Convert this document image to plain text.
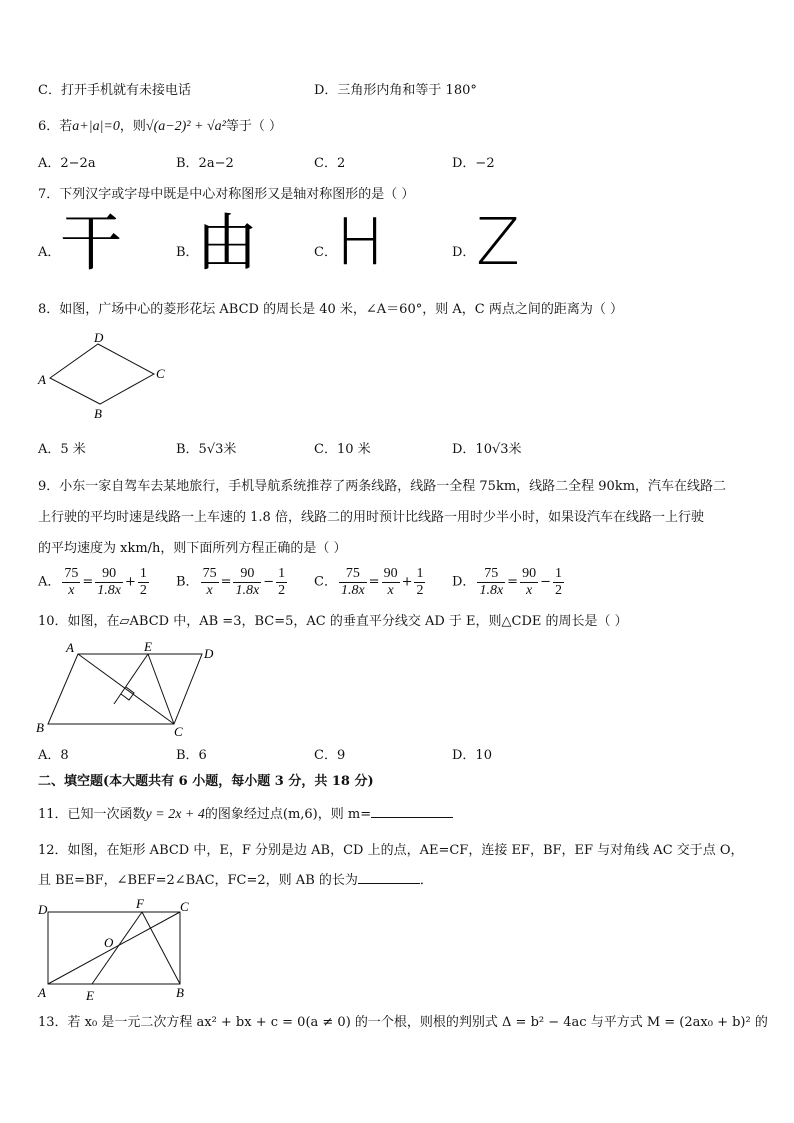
C．打开手机就有未接电话	D．三角形内角和等于 180°
6．若a+|a|=0，则√(a−2)² + √a²等于（ ）
A．2−2a	B．2a−2	C．2	D．−2
7．下列汉字或字母中既是中心对称图形又是轴对称图形的是（ ）
A． 干	B．
由	C． H	D． Z
8．如图，广场中心的菱形花坛 ABCD 的周长是 40 米，∠A＝60°，则 A，C 两点之间的距离为（ ）
D
A	C
B
A．5 米	B．5√3米	C．10 米	D．10√3米
9．小东一家自驾车去某地旅行，手机导航系统推荐了两条线路，线路一全程 75km，线路二全程 90km，汽车在线路二
上行驶的平均时速是线路一上车速的 1.8 倍，线路二的用时预计比线路一用时少半小时，如果设汽车在线路一上行驶
的平均速度为 xkm/h，则下面所列方程正确的是（ ）
A． $\frac{75}{x} = \frac{90}{1.8x} + \frac{1}{2}$ B． $\frac{75}{x} = \frac{90}{1.8x} - \frac{1}{2}$ C． $\frac{75}{1.8x} = \frac{90}{x} + \frac{1}{2}$ D． $\frac{75}{1.8x} = \frac{90}{x} - \frac{1}{2}$
10．如图，在▱ABCD 中，AB =3，BC=5，AC 的垂直平分线交 AD 于 E，则△CDE 的周长是（ ）
A	E	D
B	C
A．8	B．6	C．9	D．10
二、填空题(本大题共有 6 小题，每小题 3 分，共 18 分)
11．已知一次函数y = 2x + 4的图象经过点(m,6)，则 m=
12．如图，在矩形 ABCD 中，E，F 分别是边 AB，CD 上的点，AE=CF，连接 EF，BF，EF 与对角线 AC 交于点 O，
且 BE=BF，∠BEF=2∠BAC，FC=2，则 AB 的长为	．
D	F	C
O
A	E	B
13．若 x₀ 是一元二次方程 ax² + bx + c = 0(a ≠ 0) 的一个根，则根的判别式 Δ = b² − 4ac 与平方式 M = (2ax₀ + b)² 的
